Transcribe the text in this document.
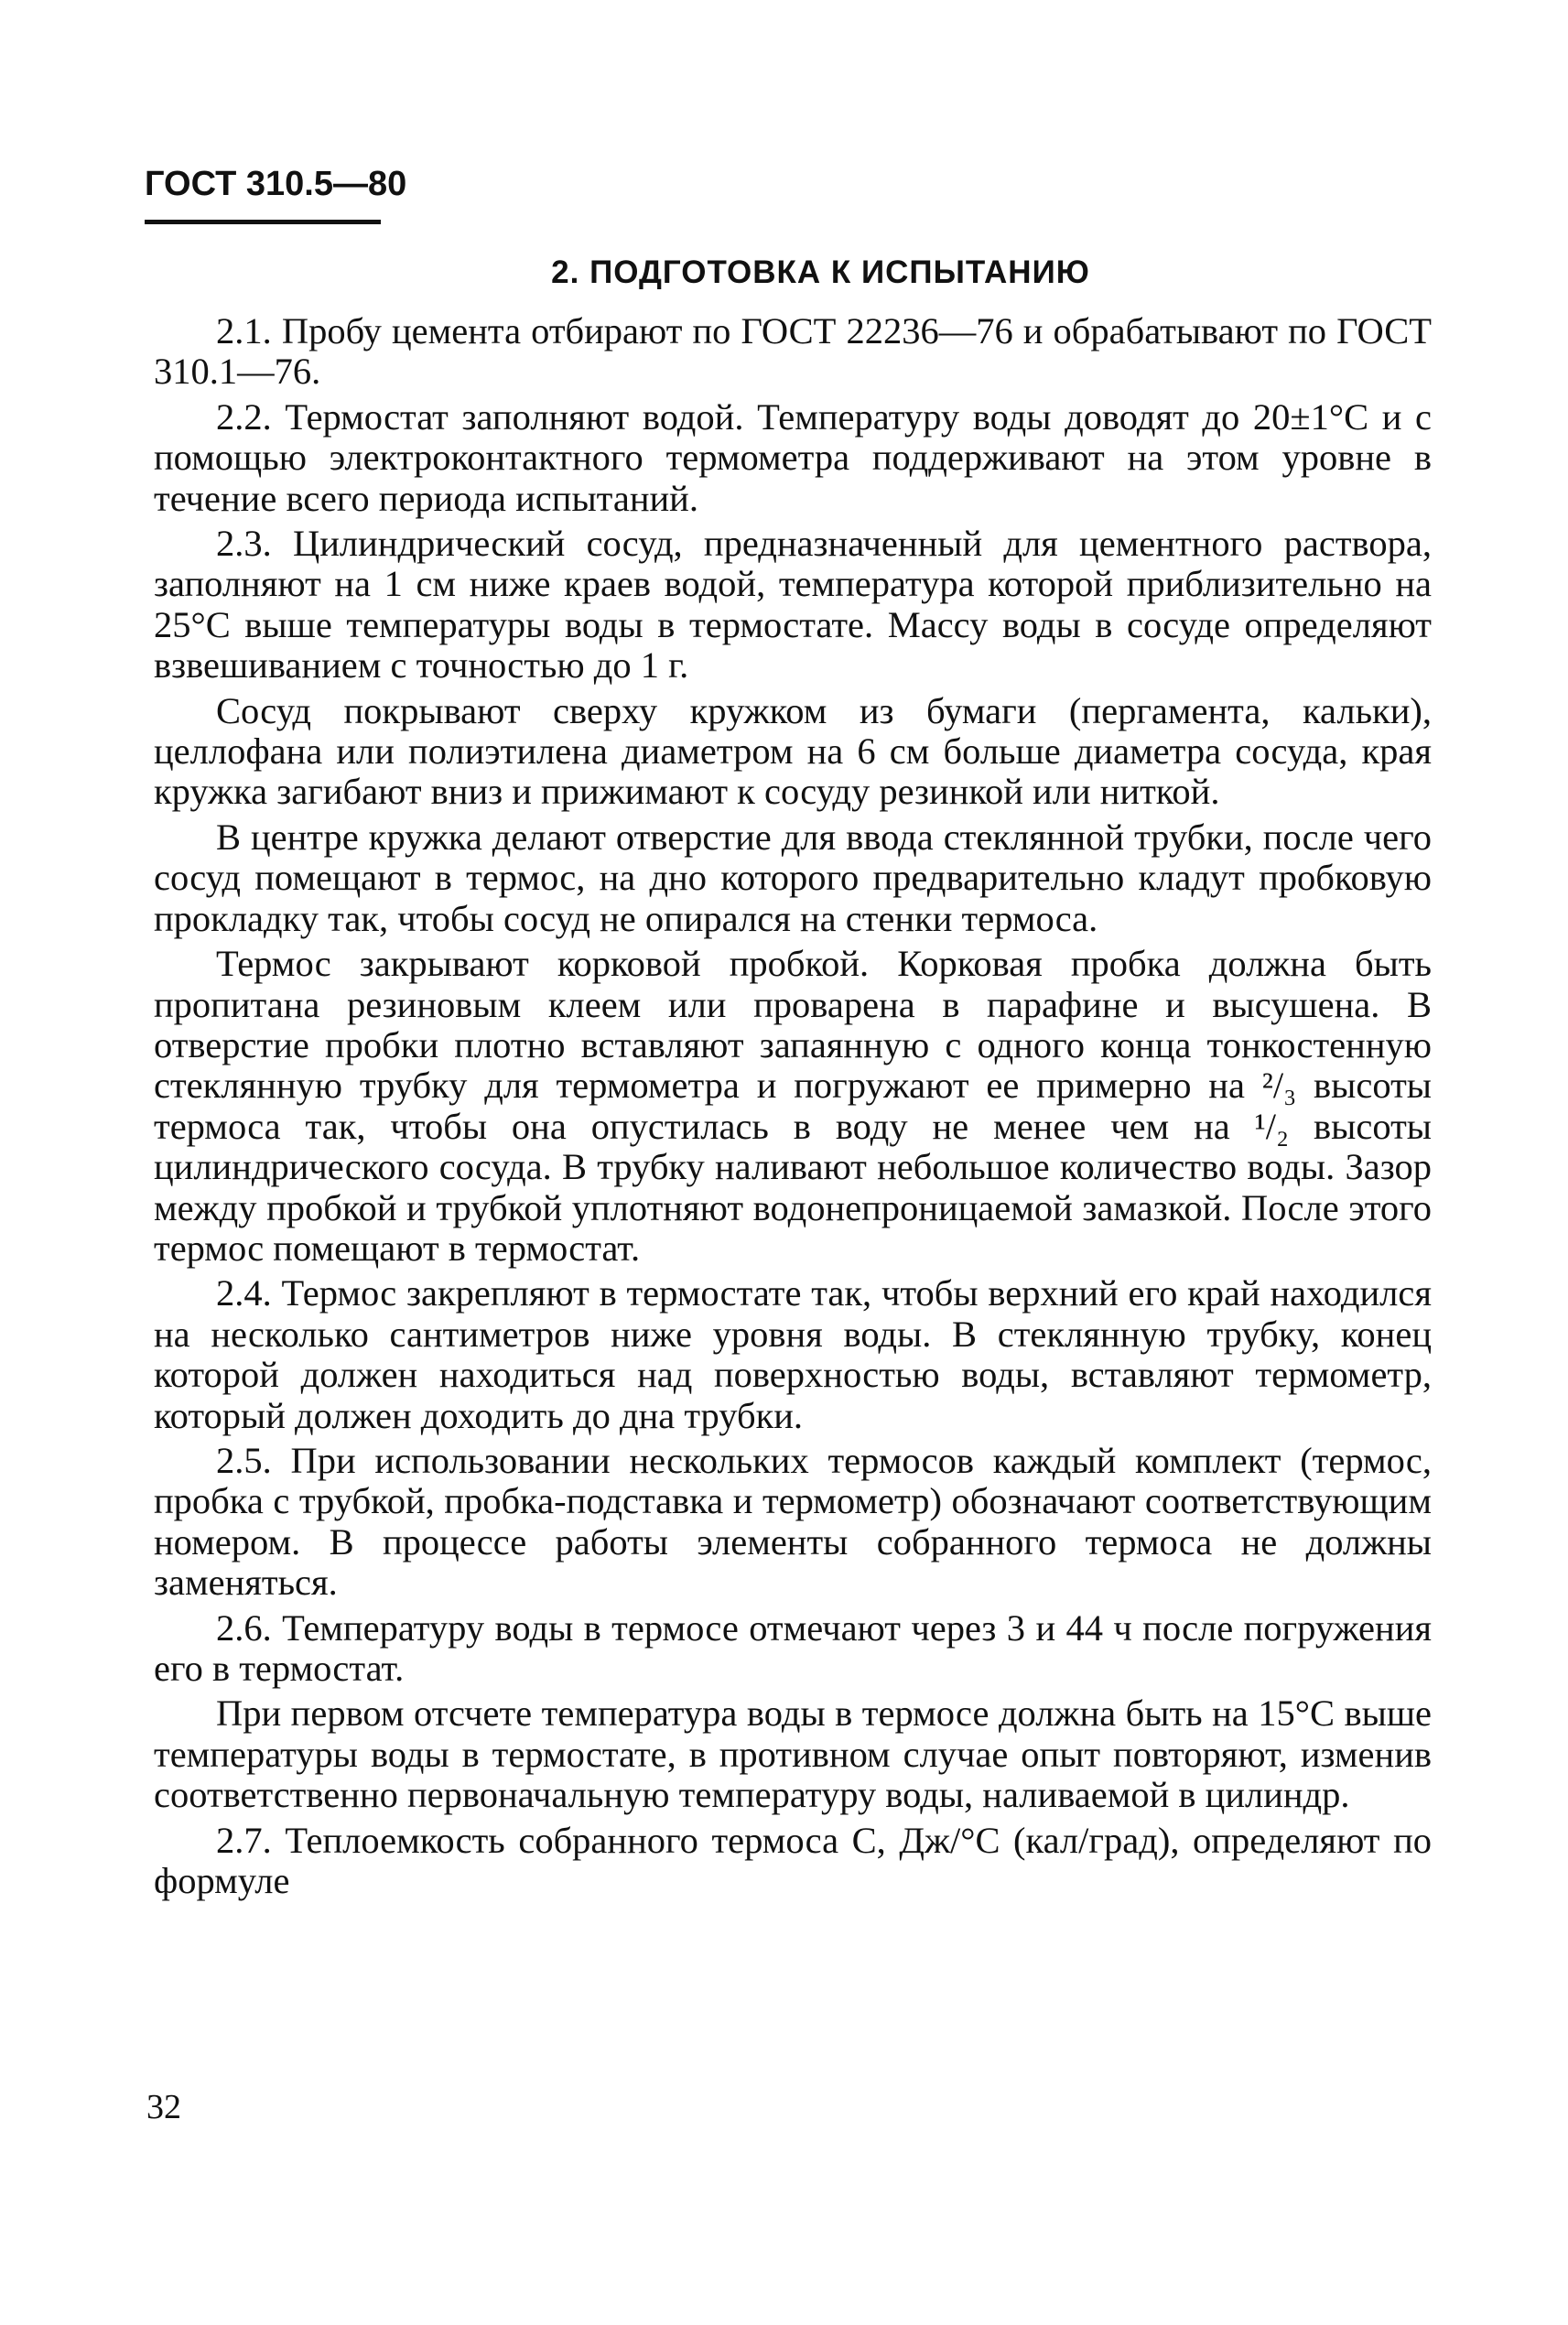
ГОСТ 310.5—80
2. ПОДГОТОВКА К ИСПЫТАНИЮ

2.1. Пробу цемента отбирают по ГОСТ 22236—76 и обрабатывают по ГОСТ 310.1—76.

2.2. Термостат заполняют водой. Температуру воды доводят до 20±1°С и с помощью электроконтактного термометра поддерживают на этом уровне в течение всего периода испытаний.

2.3. Цилиндрический сосуд, предназначенный для цементного раствора, заполняют на 1 см ниже краев водой, температура которой приблизительно на 25°С выше температуры воды в термостате. Массу воды в сосуде определяют взвешиванием с точностью до 1 г.

Сосуд покрывают сверху кружком из бумаги (пергамента, кальки), целлофана или полиэтилена диаметром на 6 см больше диаметра сосуда, края кружка загибают вниз и прижимают к сосуду резинкой или ниткой.

В центре кружка делают отверстие для ввода стеклянной трубки, после чего сосуд помещают в термос, на дно которого предварительно кладут пробковую прокладку так, чтобы сосуд не опирался на стенки термоса.

Термос закрывают корковой пробкой. Корковая пробка должна быть пропитана резиновым клеем или проварена в парафине и высушена. В отверстие пробки плотно вставляют запаянную с одного конца тонкостенную стеклянную трубку для термометра и погружают ее примерно на ²/₃ высоты термоса так, чтобы она опустилась в воду не менее чем на ¹/₂ высоты цилиндрического сосуда. В трубку наливают небольшое количество воды. Зазор между пробкой и трубкой уплотняют водонепроницаемой замазкой. После этого термос помещают в термостат.

2.4. Термос закрепляют в термостате так, чтобы верхний его край находился на несколько сантиметров ниже уровня воды. В стеклянную трубку, конец которой должен находиться над поверхностью воды, вставляют термометр, который должен доходить до дна трубки.

2.5. При использовании нескольких термосов каждый комплект (термос, пробка с трубкой, пробка-подставка и термометр) обозначают соответствующим номером. В процессе работы элементы собранного термоса не должны заменяться.

2.6. Температуру воды в термосе отмечают через 3 и 44 ч после погружения его в термостат.

При первом отсчете температура воды в термосе должна быть на 15°С выше температуры воды в термостате, в противном случае опыт повторяют, изменив соответственно первоначальную температуру воды, наливаемой в цилиндр.

2.7. Теплоемкость собранного термоса С, Дж/°С (кал/град), определяют по формуле

32
